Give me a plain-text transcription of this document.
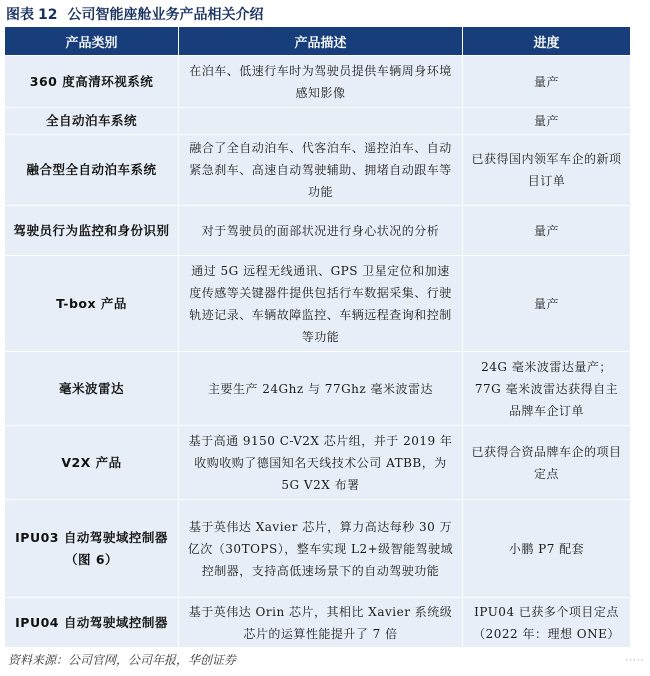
图表 12 公司智能座舱业务产品相关介绍
产品类别	产品描述	进度
360 度高清环视系统	在泊车、低速行车时为驾驶员提供车辆周身环境感知影像	量产
全自动泊车系统		量产
融合型全自动泊车系统	融合了全自动泊车、代客泊车、遥控泊车、自动紧急刹车、高速自动驾驶辅助、拥堵自动跟车等功能	已获得国内领军车企的新项目订单
驾驶员行为监控和身份识别	对于驾驶员的面部状况进行身心状况的分析	量产
T-box 产品	通过 5G 远程无线通讯、GPS 卫星定位和加速度传感等关键器件提供包括行车数据采集、行驶轨迹记录、车辆故障监控、车辆远程查询和控制等功能	量产
毫米波雷达	主要生产 24Ghz 与 77Ghz 毫米波雷达	24G 毫米波雷达量产；77G 毫米波雷达获得自主品牌车企订单
V2X 产品	基于高通 9150 C-V2X 芯片组，并于 2019 年收购收购了德国知名天线技术公司 ATBB，为 5G V2X 布署	已获得合资品牌车企的项目定点
IPU03 自动驾驶域控制器（图 6）	基于英伟达 Xavier 芯片，算力高达每秒 30 万亿次（30TOPS），整车实现 L2+级智能驾驶域控制器，支持高低速场景下的自动驾驶功能	小鹏 P7 配套
IPU04 自动驾驶域控制器	基于英伟达 Orin 芯片，其相比 Xavier 系统级芯片的运算性能提升了 7 倍	IPU04 已获多个项目定点（2022 年：理想 ONE）
资料来源：公司官网，公司年报，华创证券	·····
